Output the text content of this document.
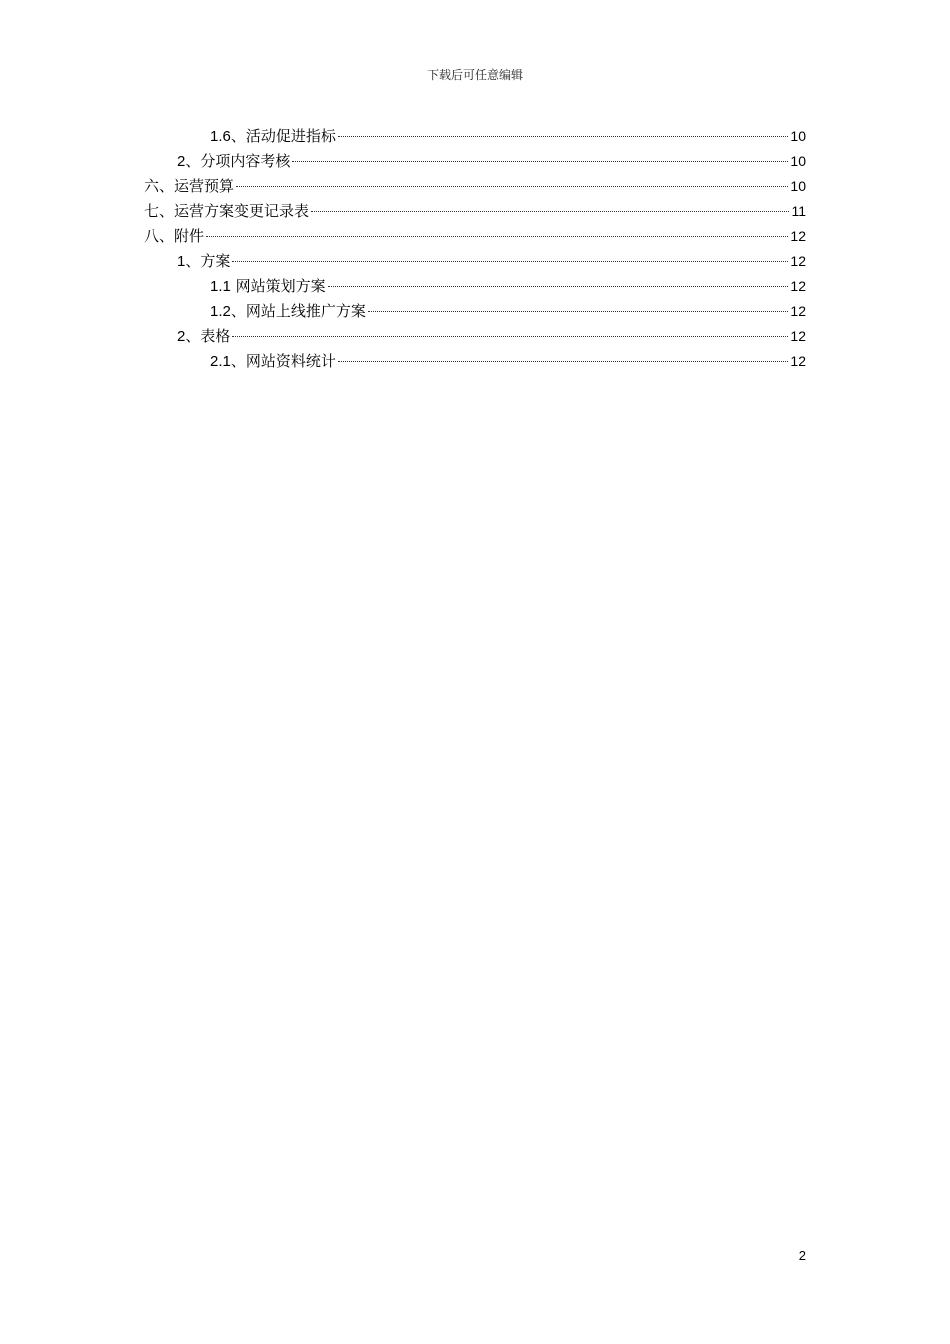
下载后可任意编辑
1.6、活动促进指标	10
2、分项内容考核	10
六、运营预算	10
七、运营方案变更记录表	11
八、附件	12
1、方案	12
1.1 网站策划方案	12
1.2、网站上线推广方案	12
2、表格	12
2.1、网站资料统计	12
2
